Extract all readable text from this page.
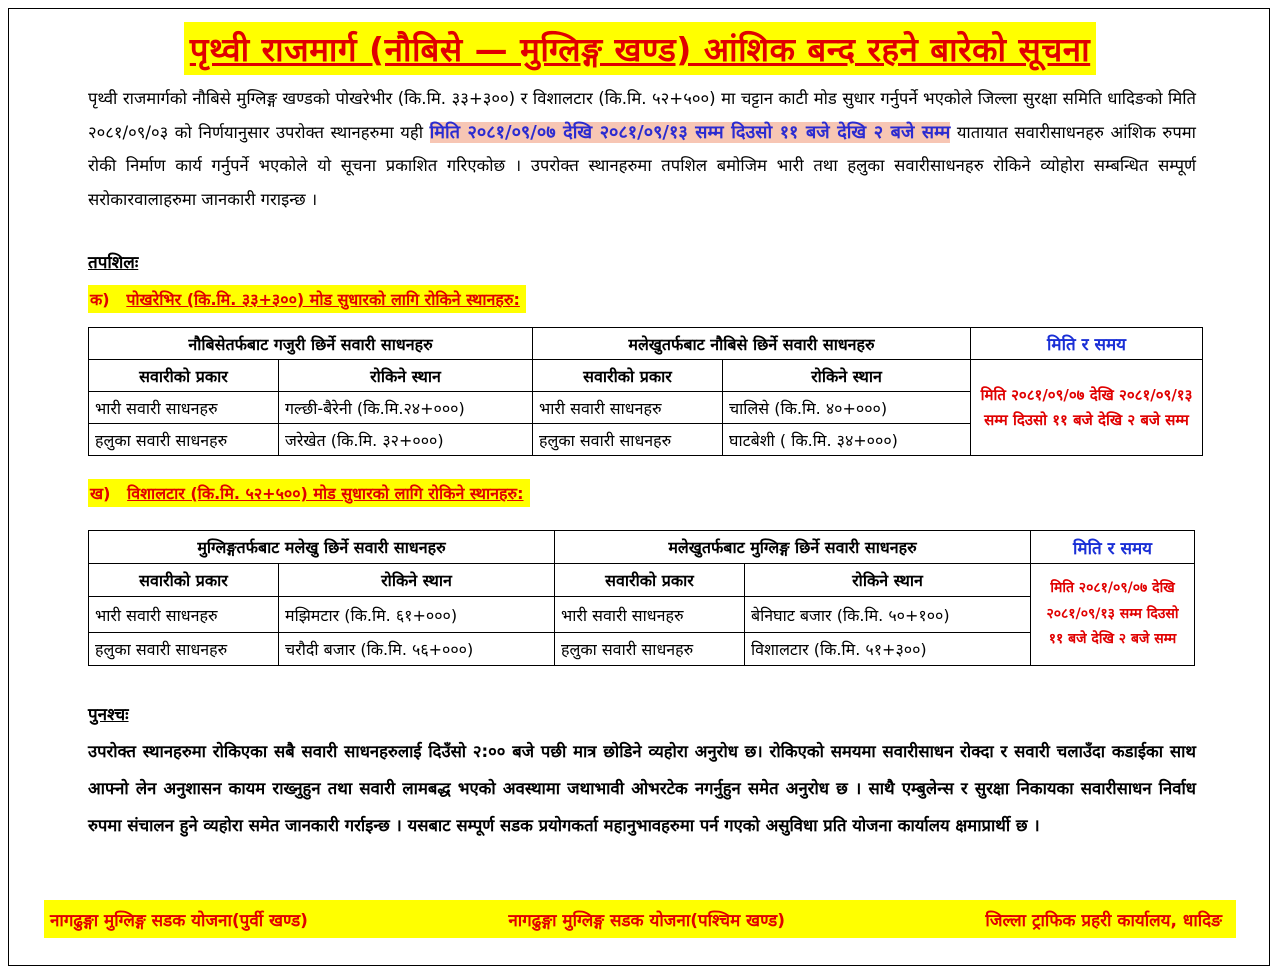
पृथ्वी राजमार्ग (नौबिसे — मुग्लिङ्ग खण्ड) आंशिक बन्द रहने बारेको सूचना
पृथ्वी राजमार्गको नौबिसे मुग्लिङ्ग खण्डको पोखरेभीर (कि.मि. ३३+३००) र विशालटार (कि.मि. ५२+५००) मा चट्टान काटी मोड सुधार गर्नुपर्ने भएकोले जिल्ला सुरक्षा समिति धादिङको मिति २०८१/०९/०३ को निर्णयानुसार उपरोक्त स्थानहरुमा यही मिति २०८१/०९/०७ देखि २०८१/०९/१३ सम्म दिउसो ११ बजे देखि २ बजे सम्म यातायात सवारीसाधनहरु आंशिक रुपमा रोकी निर्माण कार्य गर्नुपर्ने भएकोले यो सूचना प्रकाशित गरिएकोछ । उपरोक्त स्थानहरुमा तपशिल बमोजिम भारी तथा हलुका सवारीसाधनहरु रोकिने व्योहोरा सम्बन्धित सम्पूर्ण सरोकारवालाहरुमा जानकारी गराइन्छ ।
तपशिलः
क) पोखरेभिर (कि.मि. ३३+३००) मोड सुधारको लागि रोकिने स्थानहरु:
नौबिसेतर्फबाट गजुरी छिर्ने सवारी साधनहरु		मलेखुतर्फबाट नौबिसे छिर्ने सवारी साधनहरु		मिति र समय
सवारीको प्रकार	रोकिने स्थान	सवारीको प्रकार	रोकिने स्थान	मिति २०८१/०९/०७ देखि २०८१/०९/१३ सम्म दिउसो ११ बजे देखि २ बजे सम्म
भारी सवारी साधनहरु	गल्छी-बैरेनी (कि.मि.२४+०००)	भारी सवारी साधनहरु	चालिसे (कि.मि. ४०+०००)	
हलुका सवारी साधनहरु	जरेखेत (कि.मि. ३२+०००)	हलुका सवारी साधनहरु	घाटबेशी ( कि.मि. ३४+०००)	
ख) विशालटार (कि.मि. ५२+५००) मोड सुधारको लागि रोकिने स्थानहरु:
मुग्लिङ्गतर्फबाट मलेखु छिर्ने सवारी साधनहरु		मलेखुतर्फबाट मुग्लिङ्ग छिर्ने सवारी साधनहरु		मिति र समय
सवारीको प्रकार	रोकिने स्थान	सवारीको प्रकार	रोकिने स्थान	मिति २०८१/०९/०७ देखि २०८१/०९/१३ सम्म दिउसो ११ बजे देखि २ बजे सम्म
भारी सवारी साधनहरु	मझिमटार (कि.मि. ६१+०००)	भारी सवारी साधनहरु	बेनिघाट बजार (कि.मि. ५०+१००)	
हलुका सवारी साधनहरु	चरौदी बजार (कि.मि. ५६+०००)	हलुका सवारी साधनहरु	विशालटार (कि.मि. ५१+३००)	
पुनश्चः
उपरोक्त स्थानहरुमा रोकिएका सबै सवारी साधनहरुलाई दिउँसो २:०० बजे पछी मात्र छोडिने व्यहोरा अनुरोध छ। रोकिएको समयमा सवारीसाधन रोक्दा र सवारी चलाउँदा कडाईका साथ आफ्नो लेन अनुशासन कायम राख्नुहुन तथा सवारी लामबद्ध भएको अवस्थामा जथाभावी ओभरटेक नगर्नुहुन समेत अनुरोध छ । साथै एम्बुलेन्स र सुरक्षा निकायका सवारीसाधन निर्वाध रुपमा संचालन हुने व्यहोरा समेत जानकारी गर्राइन्छ । यसबाट सम्पूर्ण सडक प्रयोगकर्ता महानुभावहरुमा पर्न गएको असुविधा प्रति योजना कार्यालय क्षमाप्रार्थी छ ।
नागढुङ्गा मुग्लिङ्ग सडक योजना(पुर्वी खण्ड)	नागढुङ्गा मुग्लिङ्ग सडक योजना(पश्चिम खण्ड)	जिल्ला ट्राफिक प्रहरी कार्यालय, धादिङ
